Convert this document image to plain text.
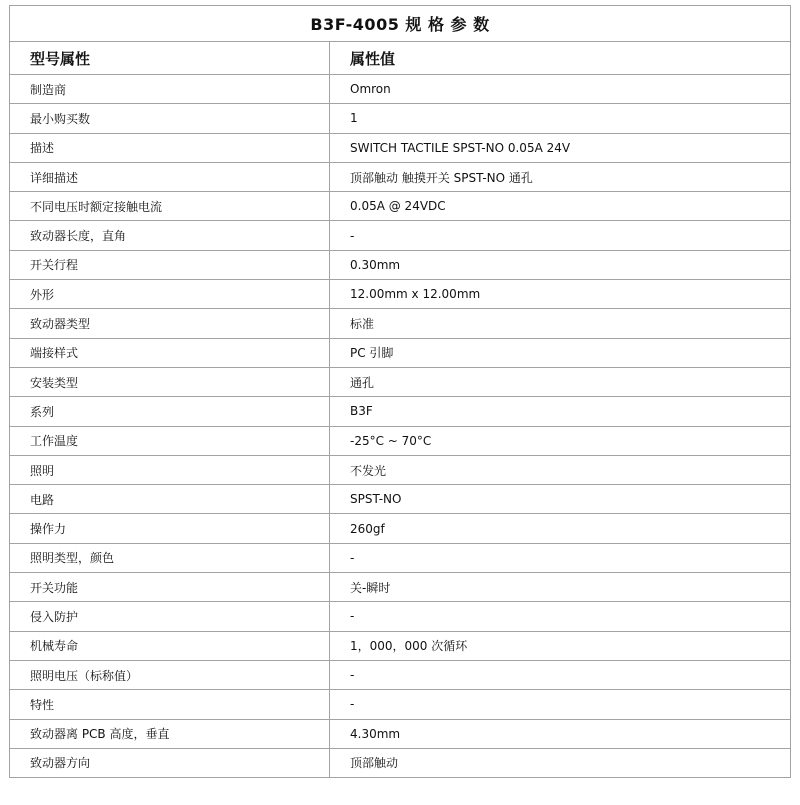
B3F-4005 规 格 参 数	
型号属性	属性值
制造商	Omron
最小购买数	1
描述	SWITCH TACTILE SPST-NO 0.05A 24V
详细描述	顶部触动 触摸开关 SPST-NO 通孔
不同电压时额定接触电流	0.05A @ 24VDC
致动器长度，直角	-
开关行程	0.30mm
外形	12.00mm x 12.00mm
致动器类型	标准
端接样式	PC 引脚
安装类型	通孔
系列	B3F
工作温度	-25°C ~ 70°C
照明	不发光
电路	SPST-NO
操作力	260gf
照明类型，颜色	-
开关功能	关-瞬时
侵入防护	-
机械寿命	1，000，000 次循环
照明电压（标称值）	-
特性	-
致动器离 PCB 高度，垂直	4.30mm
致动器方向	顶部触动
